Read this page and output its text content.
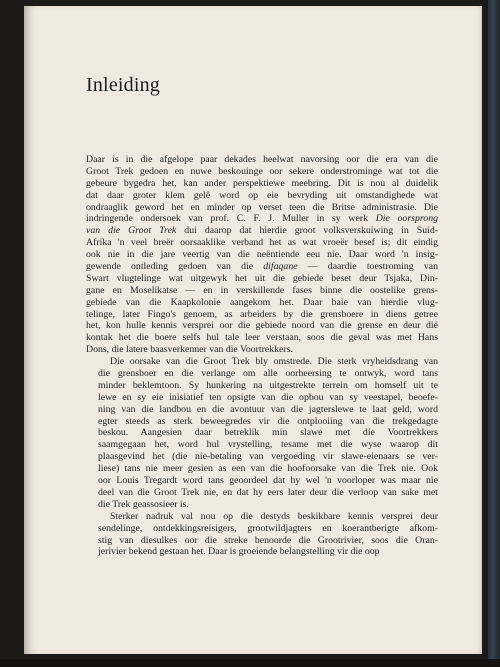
Inleiding
Daar is in die afgelope paar dekades heelwat navorsing oor die era van die
Groot Trek gedoen en nuwe beskouinge oor sekere onderstrominge wat tot die
gebeure bygedra het, kan ander perspektiewe meebring. Dit is nou al duidelik
dat daar groter klem gelê word op eie bevryding uit omstandighede wat
ondraaglik geword het en minder op verset teen die Britse administrasie. Die
indringende ondersoek van prof. C. F. J. Muller in sy werk Die oorsprong
van die Groot Trek dui daarop dat hierdie groot volksverskuiwing in Suid-
Afrika 'n veel breër oorsaaklike verband het as wat vroeër besef is; dit eindig
ook nie in die jare veertig van die neëntiende eeu nie. Daar word 'n insig-
gewende ontleding gedoen van die difaqane — daardie toestroming van
Swart vlugtelinge wat uitgewyk het uit die gebiede beset deur Tsjaka, Din-
gane en Moselikatse — en in verskillende fases binne die oostelike grens-
gebiede van die Kaapkolonie aangekom het. Daar baie van hierdie vlug-
telinge, later Fingo's genoem, as arbeiders by die grensboere in diens getree
het, kon hulle kennis versprei oor die gebiede noord van die grense en deur dié
kontak het die boere selfs hul tale leer verstaan, soos die geval was met Hans
Dons, die latere baasverkenner van die Voortrekkers.
Die oorsake van die Groot Trek bly omstrede. Die sterk vryheidsdrang van
die grensboer en die verlange om alle oorheersing te ontwyk, word tans
minder beklemtoon. Sy hunkering na uitgestrekte terrein om homself uit te
lewe en sy eie inisiatief ten opsigte van die opbou van sy veestapel, beoefe-
ning van die landbou en die avontuur van die jagterslewe te laat geld, word
egter steeds as sterk beweegredes vir die ontplooiing van die trekgedagte
beskou. Aangesien daar betreklik min slawe met die Voortrekkers
saamgegaan het, word hul vrystelling, tesame met die wyse waarop dit
plaasgevind het (die nie-betaling van vergoeding vir slawe-eienaars se ver-
liese) tans nie meer gesien as een van die hoofoorsake van die Trek nie. Ook
oor Louis Tregardt word tans geoordeel dat hy wel 'n voorloper was maar nie
deel van die Groot Trek nie, en dat hy eers later deur die verloop van sake met
die Trek geassosieer is.
Sterker nadruk val nou op die destyds beskikbare kennis versprei deur
sendelinge, ontdekkingsreisigers, grootwildjagters en koerantberigte afkom-
stig van diesulkes oor die streke benoorde die Grootrivier, soos die Oran-
jerivier bekend gestaan het. Daar is groeiende belangstelling vir die oop
